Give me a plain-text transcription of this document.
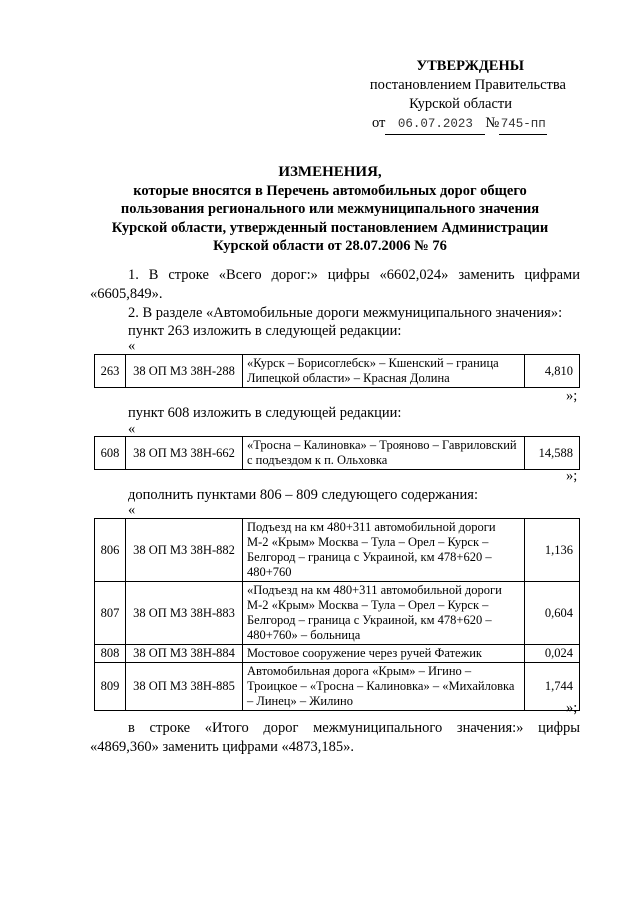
УТВЕРЖДЕНЫ
постановлением Правительства
Курской области
от 06.07.2023 №745-пп
ИЗМЕНЕНИЯ,
которые вносятся в Перечень автомобильных дорог общего
пользования регионального или межмуниципального значения
Курской области, утвержденный постановлением Администрации
Курской области от 28.07.2006 № 76
1. В строке «Всего дорог:» цифры «6602,024» заменить цифрами
«6605,849».
2. В разделе «Автомобильные дороги межмуниципального значения»:
пункт 263 изложить в следующей редакции:
«
263	38 ОП МЗ 38Н-288	«Курск – Борисоглебск» – Кшенский – граница Липецкой области» – Красная Долина	4,810
»;
пункт 608 изложить в следующей редакции:
«
608	38 ОП МЗ 38Н-662	«Тросна – Калиновка» – Трояново – Гавриловский с подъездом к п. Ольховка	14,588
»;
дополнить пунктами 806 – 809 следующего содержания:
«
806	38 ОП МЗ 38Н-882	Подъезд на км 480+311 автомобильной дороги М-2 «Крым» Москва – Тула – Орел – Курск – Белгород – граница с Украиной, км 478+620 – 480+760	1,136
807	38 ОП МЗ 38Н-883	«Подъезд на км 480+311 автомобильной дороги М-2 «Крым» Москва – Тула – Орел – Курск – Белгород – граница с Украиной, км 478+620 – 480+760» – больница	0,604
808	38 ОП МЗ 38Н-884	Мостовое сооружение через ручей Фатежик	0,024
809	38 ОП МЗ 38Н-885	Автомобильная дорога «Крым» – Игино – Троицкое – «Тросна – Калиновка» – «Михайловка – Линец» – Жилино	1,744
»;
в строке «Итого дорог межмуниципального значения:» цифры
«4869,360» заменить цифрами «4873,185».
